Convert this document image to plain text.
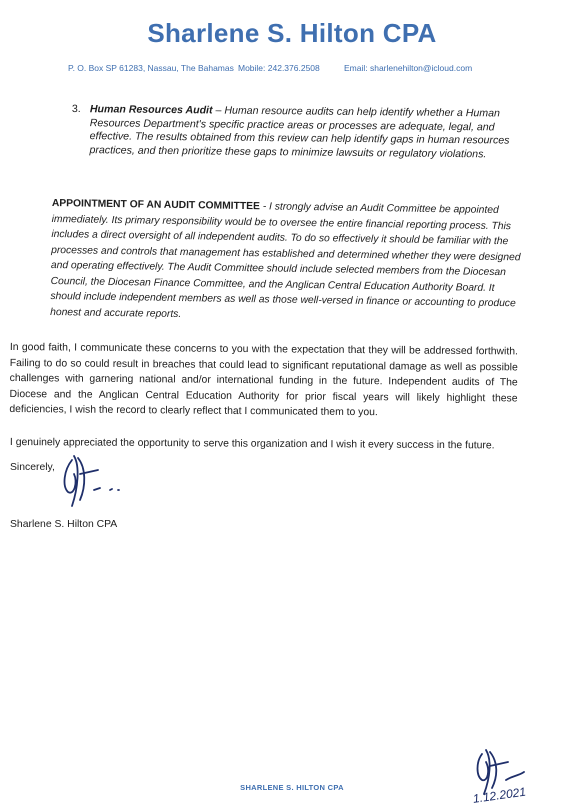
Sharlene S. Hilton CPA
P. O. Box SP 61283, Nassau, The Bahamas Mobile: 242.376.2508	Email: sharlenehilton@icloud.com
3. Human Resources Audit – Human resource audits can help identify whether a Human Resources Department's specific practice areas or processes are adequate, legal, and effective. The results obtained from this review can help identify gaps in human resources practices, and then prioritize these gaps to minimize lawsuits or regulatory violations.
APPOINTMENT OF AN AUDIT COMMITTEE - I strongly advise an Audit Committee be appointed immediately. Its primary responsibility would be to oversee the entire financial reporting process. This includes a direct oversight of all independent audits. To do so effectively it should be familiar with the processes and controls that management has established and determined whether they were designed and operating effectively. The Audit Committee should include selected members from the Diocesan Council, the Diocesan Finance Committee, and the Anglican Central Education Authority Board. It should include independent members as well as those well-versed in finance or accounting to produce honest and accurate reports.
In good faith, I communicate these concerns to you with the expectation that they will be addressed forthwith. Failing to do so could result in breaches that could lead to significant reputational damage as well as possible challenges with garnering national and/or international funding in the future. Independent audits of The Diocese and the Anglican Central Education Authority for prior fiscal years will likely highlight these deficiencies, I wish the record to clearly reflect that I communicated them to you.
I genuinely appreciated the opportunity to serve this organization and I wish it every success in the future.
Sincerely,
Sharlene S. Hilton CPA
SHARLENE S. HILTON CPA	1.12.2021
